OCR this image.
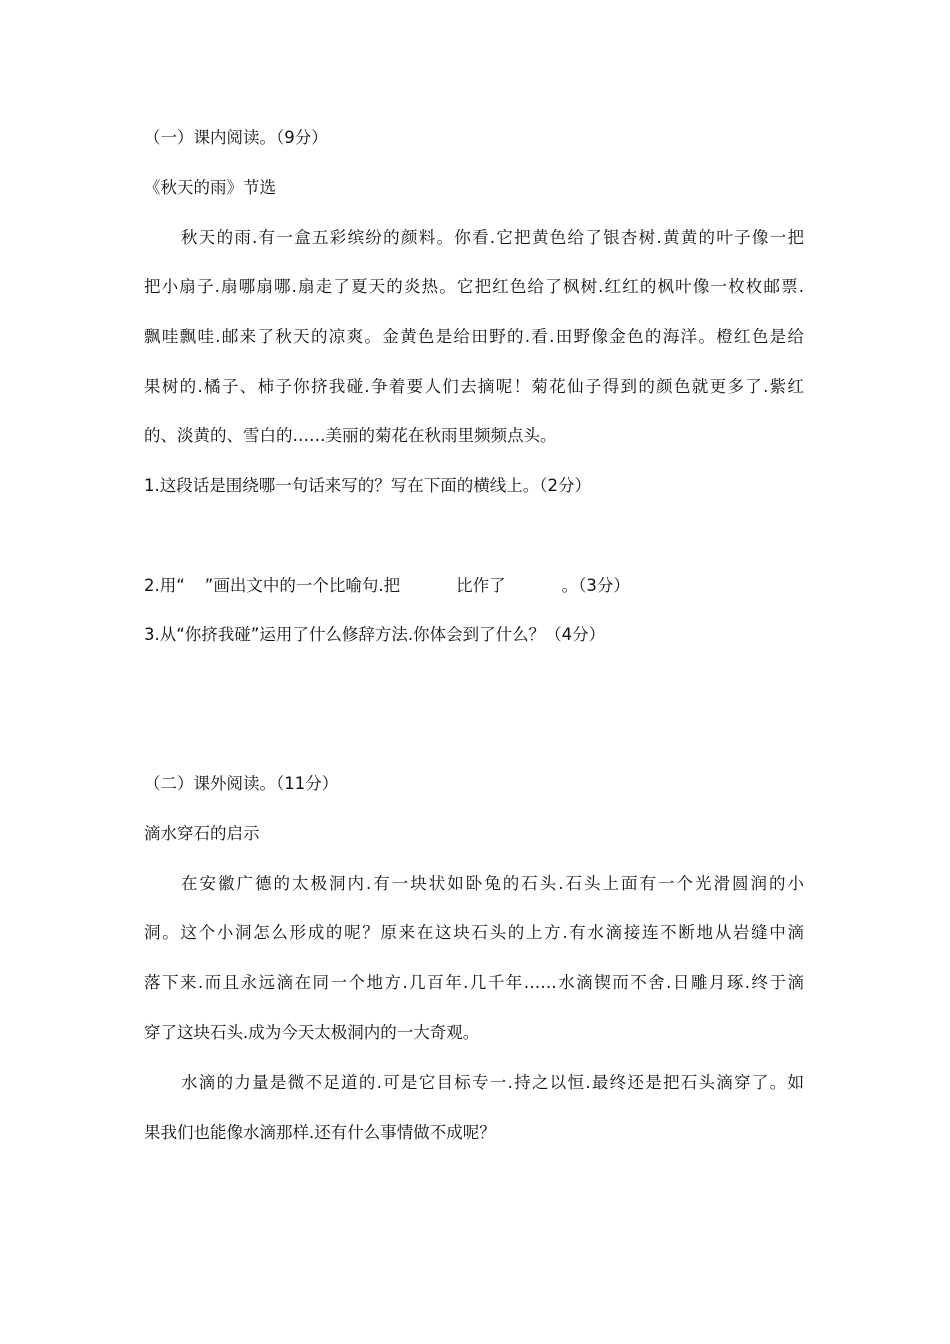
（一）课内阅读。（9分）
《秋天的雨》节选
秋天的雨.有一盒五彩缤纷的颜料。你看.它把黄色给了银杏树.黄黄的叶子像一把
把小扇子.扇哪扇哪.扇走了夏天的炎热。它把红色给了枫树.红红的枫叶像一枚枚邮票.
飘哇飘哇.邮来了秋天的凉爽。金黄色是给田野的.看.田野像金色的海洋。橙红色是给
果树的.橘子、柿子你挤我碰.争着要人们去摘呢！菊花仙子得到的颜色就更多了.紫红
的、淡黄的、雪白的……美丽的菊花在秋雨里频频点头。
1.这段话是围绕哪一句话来写的？写在下面的横线上。（2分）
2.用“ ”画出文中的一个比喻句.把	比作了	。（3分）
3.从“你挤我碰”运用了什么修辞方法.你体会到了什么？（4分）
（二）课外阅读。（11分）
滴水穿石的启示
在安徽广德的太极洞内.有一块状如卧兔的石头.石头上面有一个光滑圆润的小
洞。这个小洞怎么形成的呢？原来在这块石头的上方.有水滴接连不断地从岩缝中滴
落下来.而且永远滴在同一个地方.几百年.几千年……水滴锲而不舍.日雕月琢.终于滴
穿了这块石头.成为今天太极洞内的一大奇观。
水滴的力量是微不足道的.可是它目标专一.持之以恒.最终还是把石头滴穿了。如
果我们也能像水滴那样.还有什么事情做不成呢？
